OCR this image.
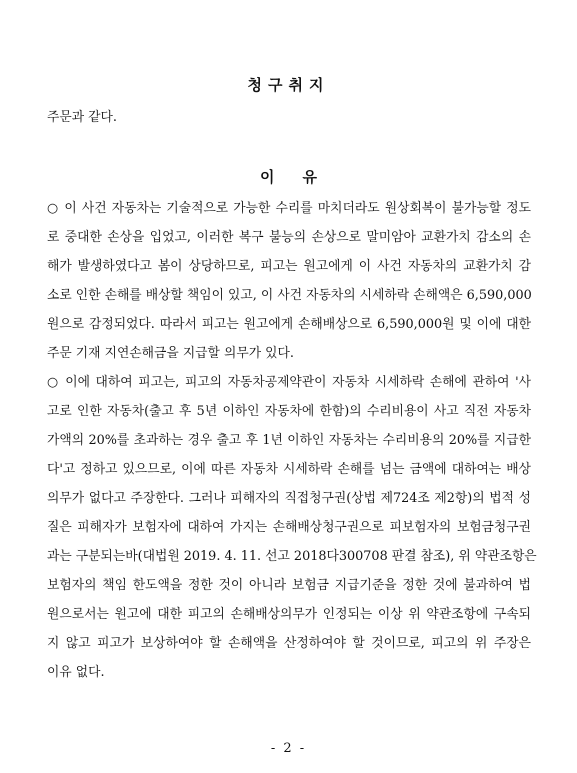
청구취지
주문과 같다.
이유
○ 이 사건 자동차는 기술적으로 가능한 수리를 마치더라도 원상회복이 불가능할 정도
로 중대한 손상을 입었고, 이러한 복구 불능의 손상으로 말미암아 교환가치 감소의 손
해가 발생하였다고 봄이 상당하므로, 피고는 원고에게 이 사건 자동차의 교환가치 감
소로 인한 손해를 배상할 책임이 있고, 이 사건 자동차의 시세하락 손해액은 6,590,000
원으로 감정되었다. 따라서 피고는 원고에게 손해배상으로 6,590,000원 및 이에 대한
주문 기재 지연손해금을 지급할 의무가 있다.
○ 이에 대하여 피고는, 피고의 자동차공제약관이 자동차 시세하락 손해에 관하여 '사
고로 인한 자동차(출고 후 5년 이하인 자동차에 한함)의 수리비용이 사고 직전 자동차
가액의 20%를 초과하는 경우 출고 후 1년 이하인 자동차는 수리비용의 20%를 지급한
다'고 정하고 있으므로, 이에 따른 자동차 시세하락 손해를 넘는 금액에 대하여는 배상
의무가 없다고 주장한다. 그러나 피해자의 직접청구권(상법 제724조 제2항)의 법적 성
질은 피해자가 보험자에 대하여 가지는 손해배상청구권으로 피보험자의 보험금청구권
과는 구분되는바(대법원 2019. 4. 11. 선고 2018다300708 판결 참조), 위 약관조항은
보험자의 책임 한도액을 정한 것이 아니라 보험금 지급기준을 정한 것에 불과하여 법
원으로서는 원고에 대한 피고의 손해배상의무가 인정되는 이상 위 약관조항에 구속되
지 않고 피고가 보상하여야 할 손해액을 산정하여야 할 것이므로, 피고의 위 주장은
이유 없다.
- 2 -
